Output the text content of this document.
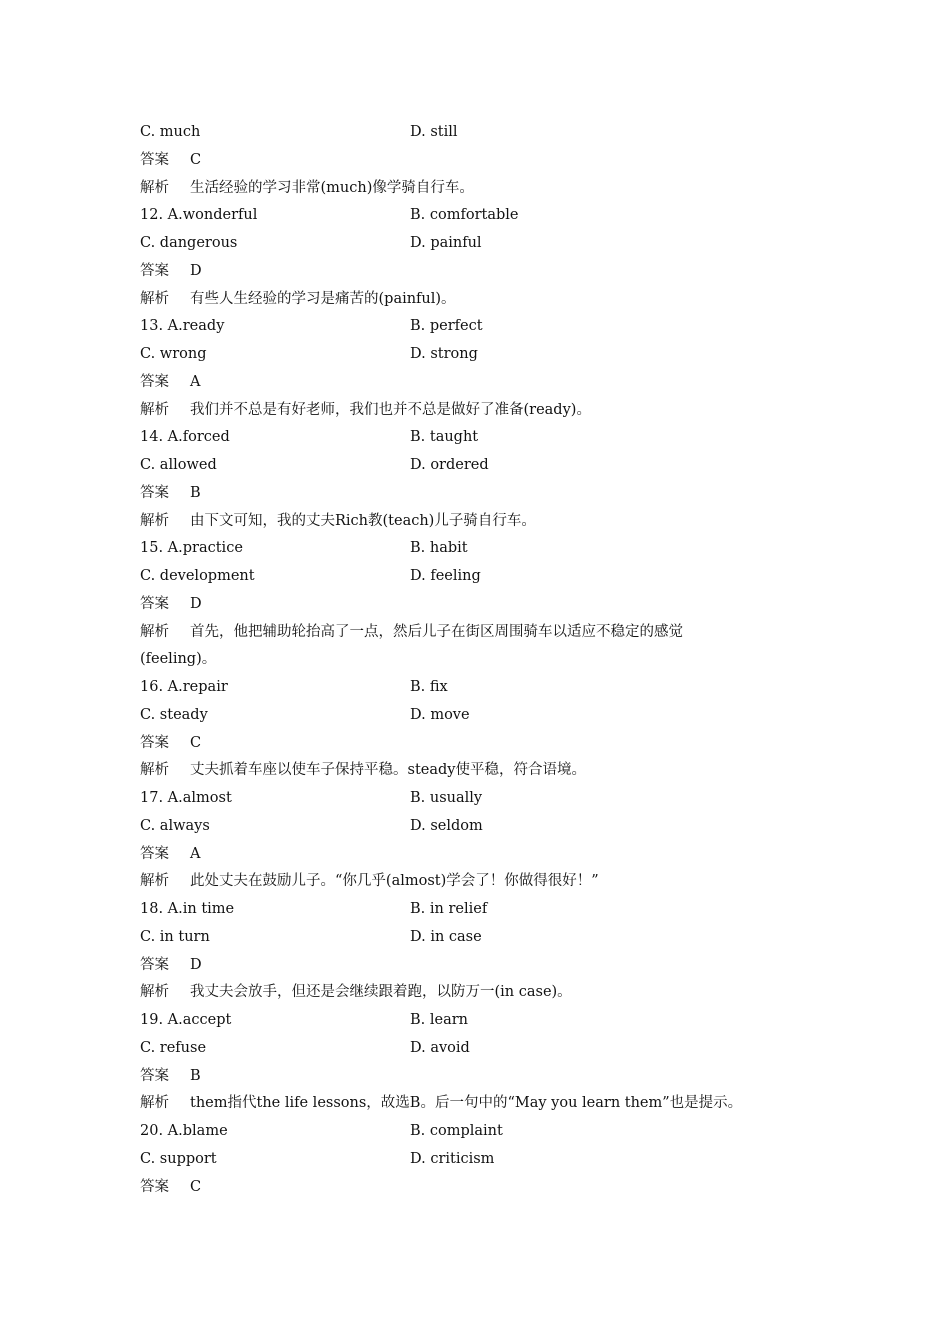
C. much	D. still
答案 C
解析 生活经验的学习非常(much)像学骑自行车。
12. A.wonderful	B. comfortable
C. dangerous	D. painful
答案 D
解析 有些人生经验的学习是痛苦的(painful)。
13. A.ready	B. perfect
C. wrong	D. strong
答案 A
解析 我们并不总是有好老师，我们也并不总是做好了准备(ready)。
14. A.forced	B. taught
C. allowed	D. ordered
答案 B
解析 由下文可知，我的丈夫Rich教(teach)儿子骑自行车。
15. A.practice	B. habit
C. development	D. feeling
答案 D
解析 首先，他把辅助轮抬高了一点，然后儿子在街区周围骑车以适应不稳定的感觉
(feeling)。
16. A.repair	B. fix
C. steady	D. move
答案 C
解析 丈夫抓着车座以使车子保持平稳。steady使平稳，符合语境。
17. A.almost	B. usually
C. always	D. seldom
答案 A
解析 此处丈夫在鼓励儿子。“你几乎(almost)学会了！你做得很好！”
18. A.in time	B. in relief
C. in turn	D. in case
答案 D
解析 我丈夫会放手，但还是会继续跟着跑，以防万一(in case)。
19. A.accept	B. learn
C. refuse	D. avoid
答案 B
解析 them指代the life lessons，故选B。后一句中的“May you learn them”也是提示。
20. A.blame	B. complaint
C. support	D. criticism
答案 C
